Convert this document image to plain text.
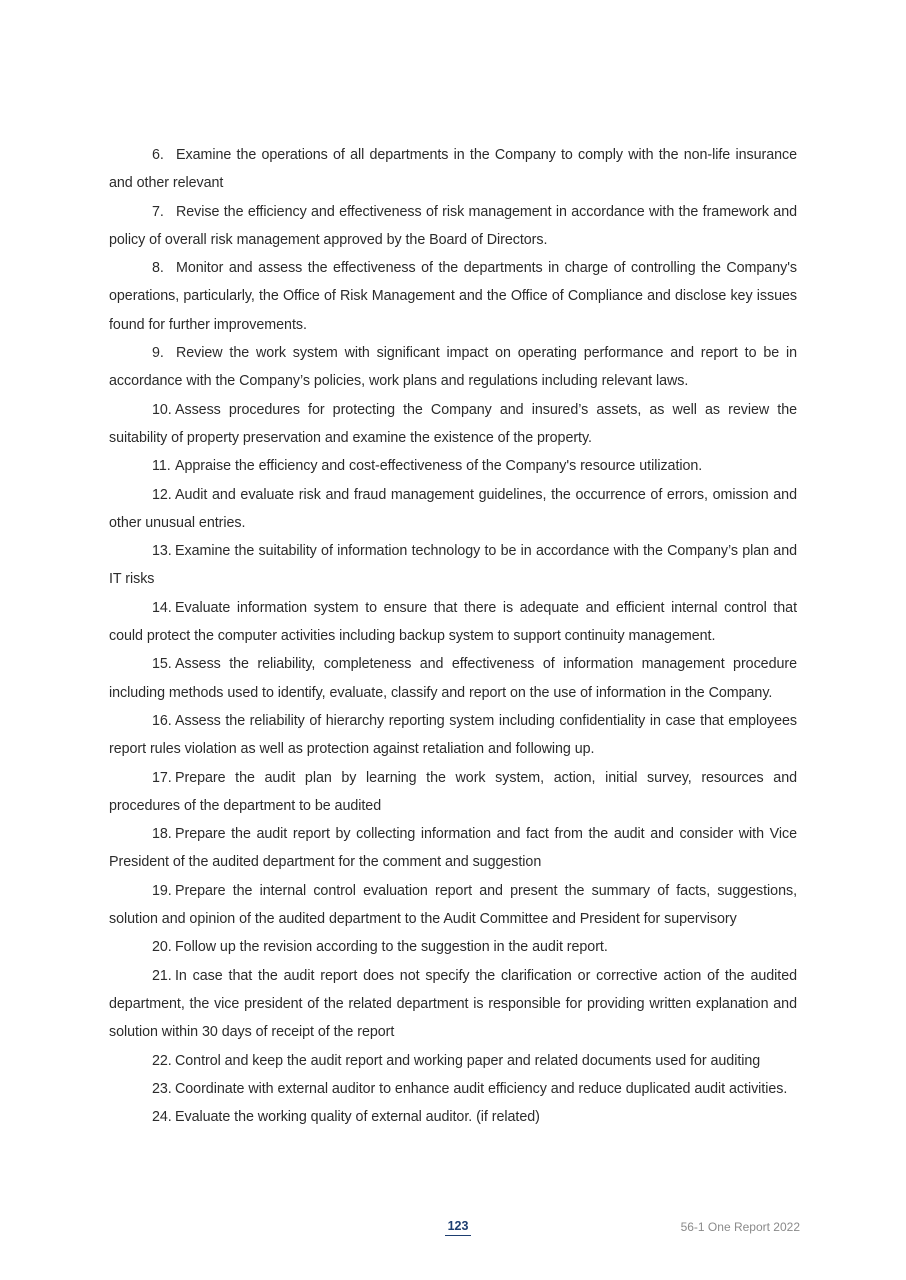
6. Examine the operations of all departments in the Company to comply with the non-life insurance and other relevant

7. Revise the efficiency and effectiveness of risk management in accordance with the framework and policy of overall risk management approved by the Board of Directors.

8. Monitor and assess the effectiveness of the departments in charge of controlling the Company's operations, particularly, the Office of Risk Management and the Office of Compliance and disclose key issues found for further improvements.

9. Review the work system with significant impact on operating performance and report to be in accordance with the Company’s policies, work plans and regulations including relevant laws.

10. Assess procedures for protecting the Company and insured’s assets, as well as review the suitability of property preservation and examine the existence of the property.

11. Appraise the efficiency and cost-effectiveness of the Company's resource utilization.

12. Audit and evaluate risk and fraud management guidelines, the occurrence of errors, omission and other unusual entries.

13. Examine the suitability of information technology to be in accordance with the Company’s plan and IT risks

14. Evaluate information system to ensure that there is adequate and efficient internal control that could protect the computer activities including backup system to support continuity management.

15. Assess the reliability, completeness and effectiveness of information management procedure including methods used to identify, evaluate, classify and report on the use of information in the Company.

16. Assess the reliability of hierarchy reporting system including confidentiality in case that employees report rules violation as well as protection against retaliation and following up.

17. Prepare the audit plan by learning the work system, action, initial survey, resources and procedures of the department to be audited

18. Prepare the audit report by collecting information and fact from the audit and consider with Vice President of the audited department for the comment and suggestion

19. Prepare the internal control evaluation report and present the summary of facts, suggestions, solution and opinion of the audited department to the Audit Committee and President for supervisory

20. Follow up the revision according to the suggestion in the audit report.

21. In case that the audit report does not specify the clarification or corrective action of the audited department, the vice president of the related department is responsible for providing written explanation and solution within 30 days of receipt of the report

22. Control and keep the audit report and working paper and related documents used for auditing

23. Coordinate with external auditor to enhance audit efficiency and reduce duplicated audit activities.

24. Evaluate the working quality of external auditor. (if related)

123	56-1 One Report 2022
